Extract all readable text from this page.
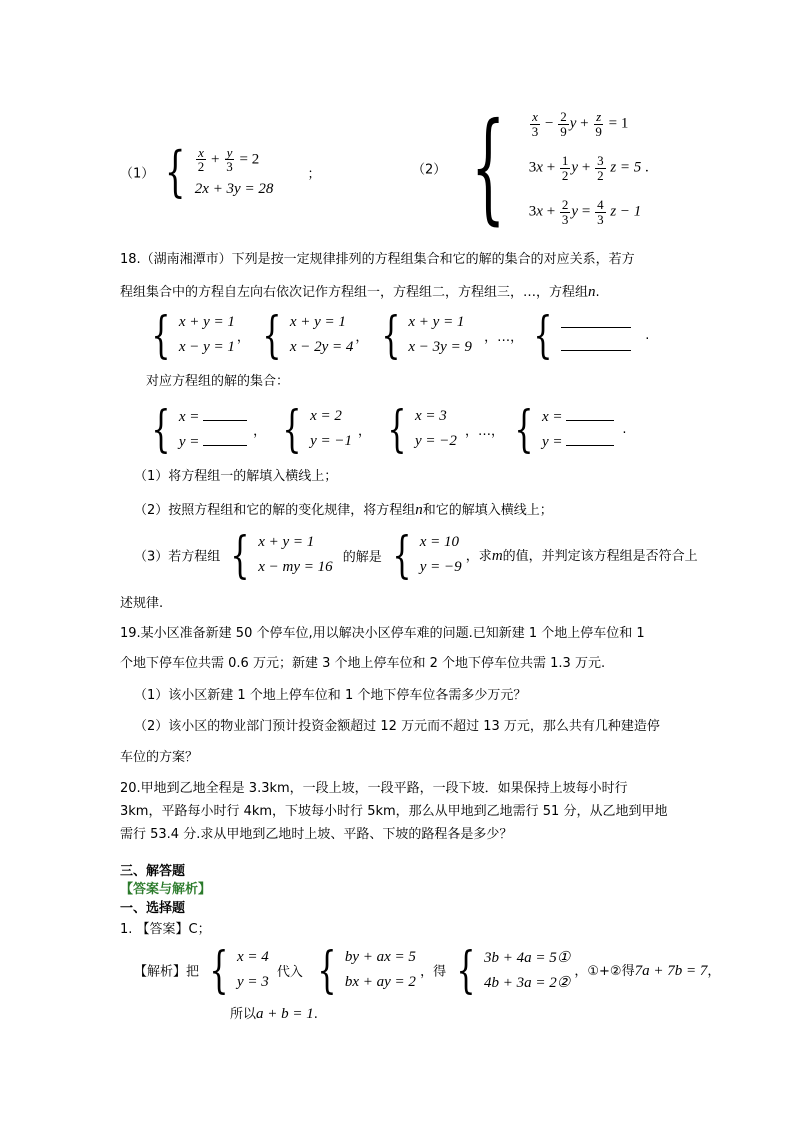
（1） { $\frac{x}{2} + \frac{y}{3} = 2$
2x + 3y = 28
；	（2） { $\frac{x}{3} - \frac{2}{9}$ $y + \frac{z}{9} = 1$
$3x + \frac{1}{2}$ $y + \frac{3}{2}$ z = 5 .
$3x + \frac{2}{3}$ $y = \frac{4}{3}$ z − 1
18.（湖南湘潭市）下列是按一定规律排列的方程组集合和它的解的集合的对应关系，若方
程组集合中的方程自左向右依次记作方程组一，方程组二，方程组三，…，方程组n.
{ x + y = 1
x − y = 1
， { x + y = 1
x − 2y = 4
， { x + y = 1
x − 3y = 9
，…， {	.
对应方程组的解的集合：
{ x =
y =
， { x = 2
y = −1
， { x = 3
y = −2
，…， { x =
y =
.
（1）将方程组一的解填入横线上；
（2）按照方程组和它的解的变化规律，将方程组n和它的解填入横线上；
（3）若方程组 { x + y = 1
x − my = 16
的解是 { x = 10
y = −9
，求m的值，并判定该方程组是否符合上
述规律.
19.某小区准备新建 50 个停车位,用以解决小区停车难的问题.已知新建 1 个地上停车位和 1
个地下停车位共需 0.6 万元；新建 3 个地上停车位和 2 个地下停车位共需 1.3 万元.
（1）该小区新建 1 个地上停车位和 1 个地下停车位各需多少万元？
（2）该小区的物业部门预计投资金额超过 12 万元而不超过 13 万元，那么共有几种建造停
车位的方案？
20.甲地到乙地全程是 3.3km，一段上坡，一段平路，一段下坡．如果保持上坡每小时行
3km，平路每小时行 4km，下坡每小时行 5km，那么从甲地到乙地需行 51 分，从乙地到甲地
需行 53.4 分.求从甲地到乙地时上坡、平路、下坡的路程各是多少？
三、解答题
【答案与解析】
一、选择题
1. 【答案】C；
【解析】把 { x = 4
y = 3
代入 { by + ax = 5
bx + ay = 2
，得 { 3b + 4a = 5①
4b + 3a = 2②
，①+②得7a + 7b = 7，
所以a + b = 1.
